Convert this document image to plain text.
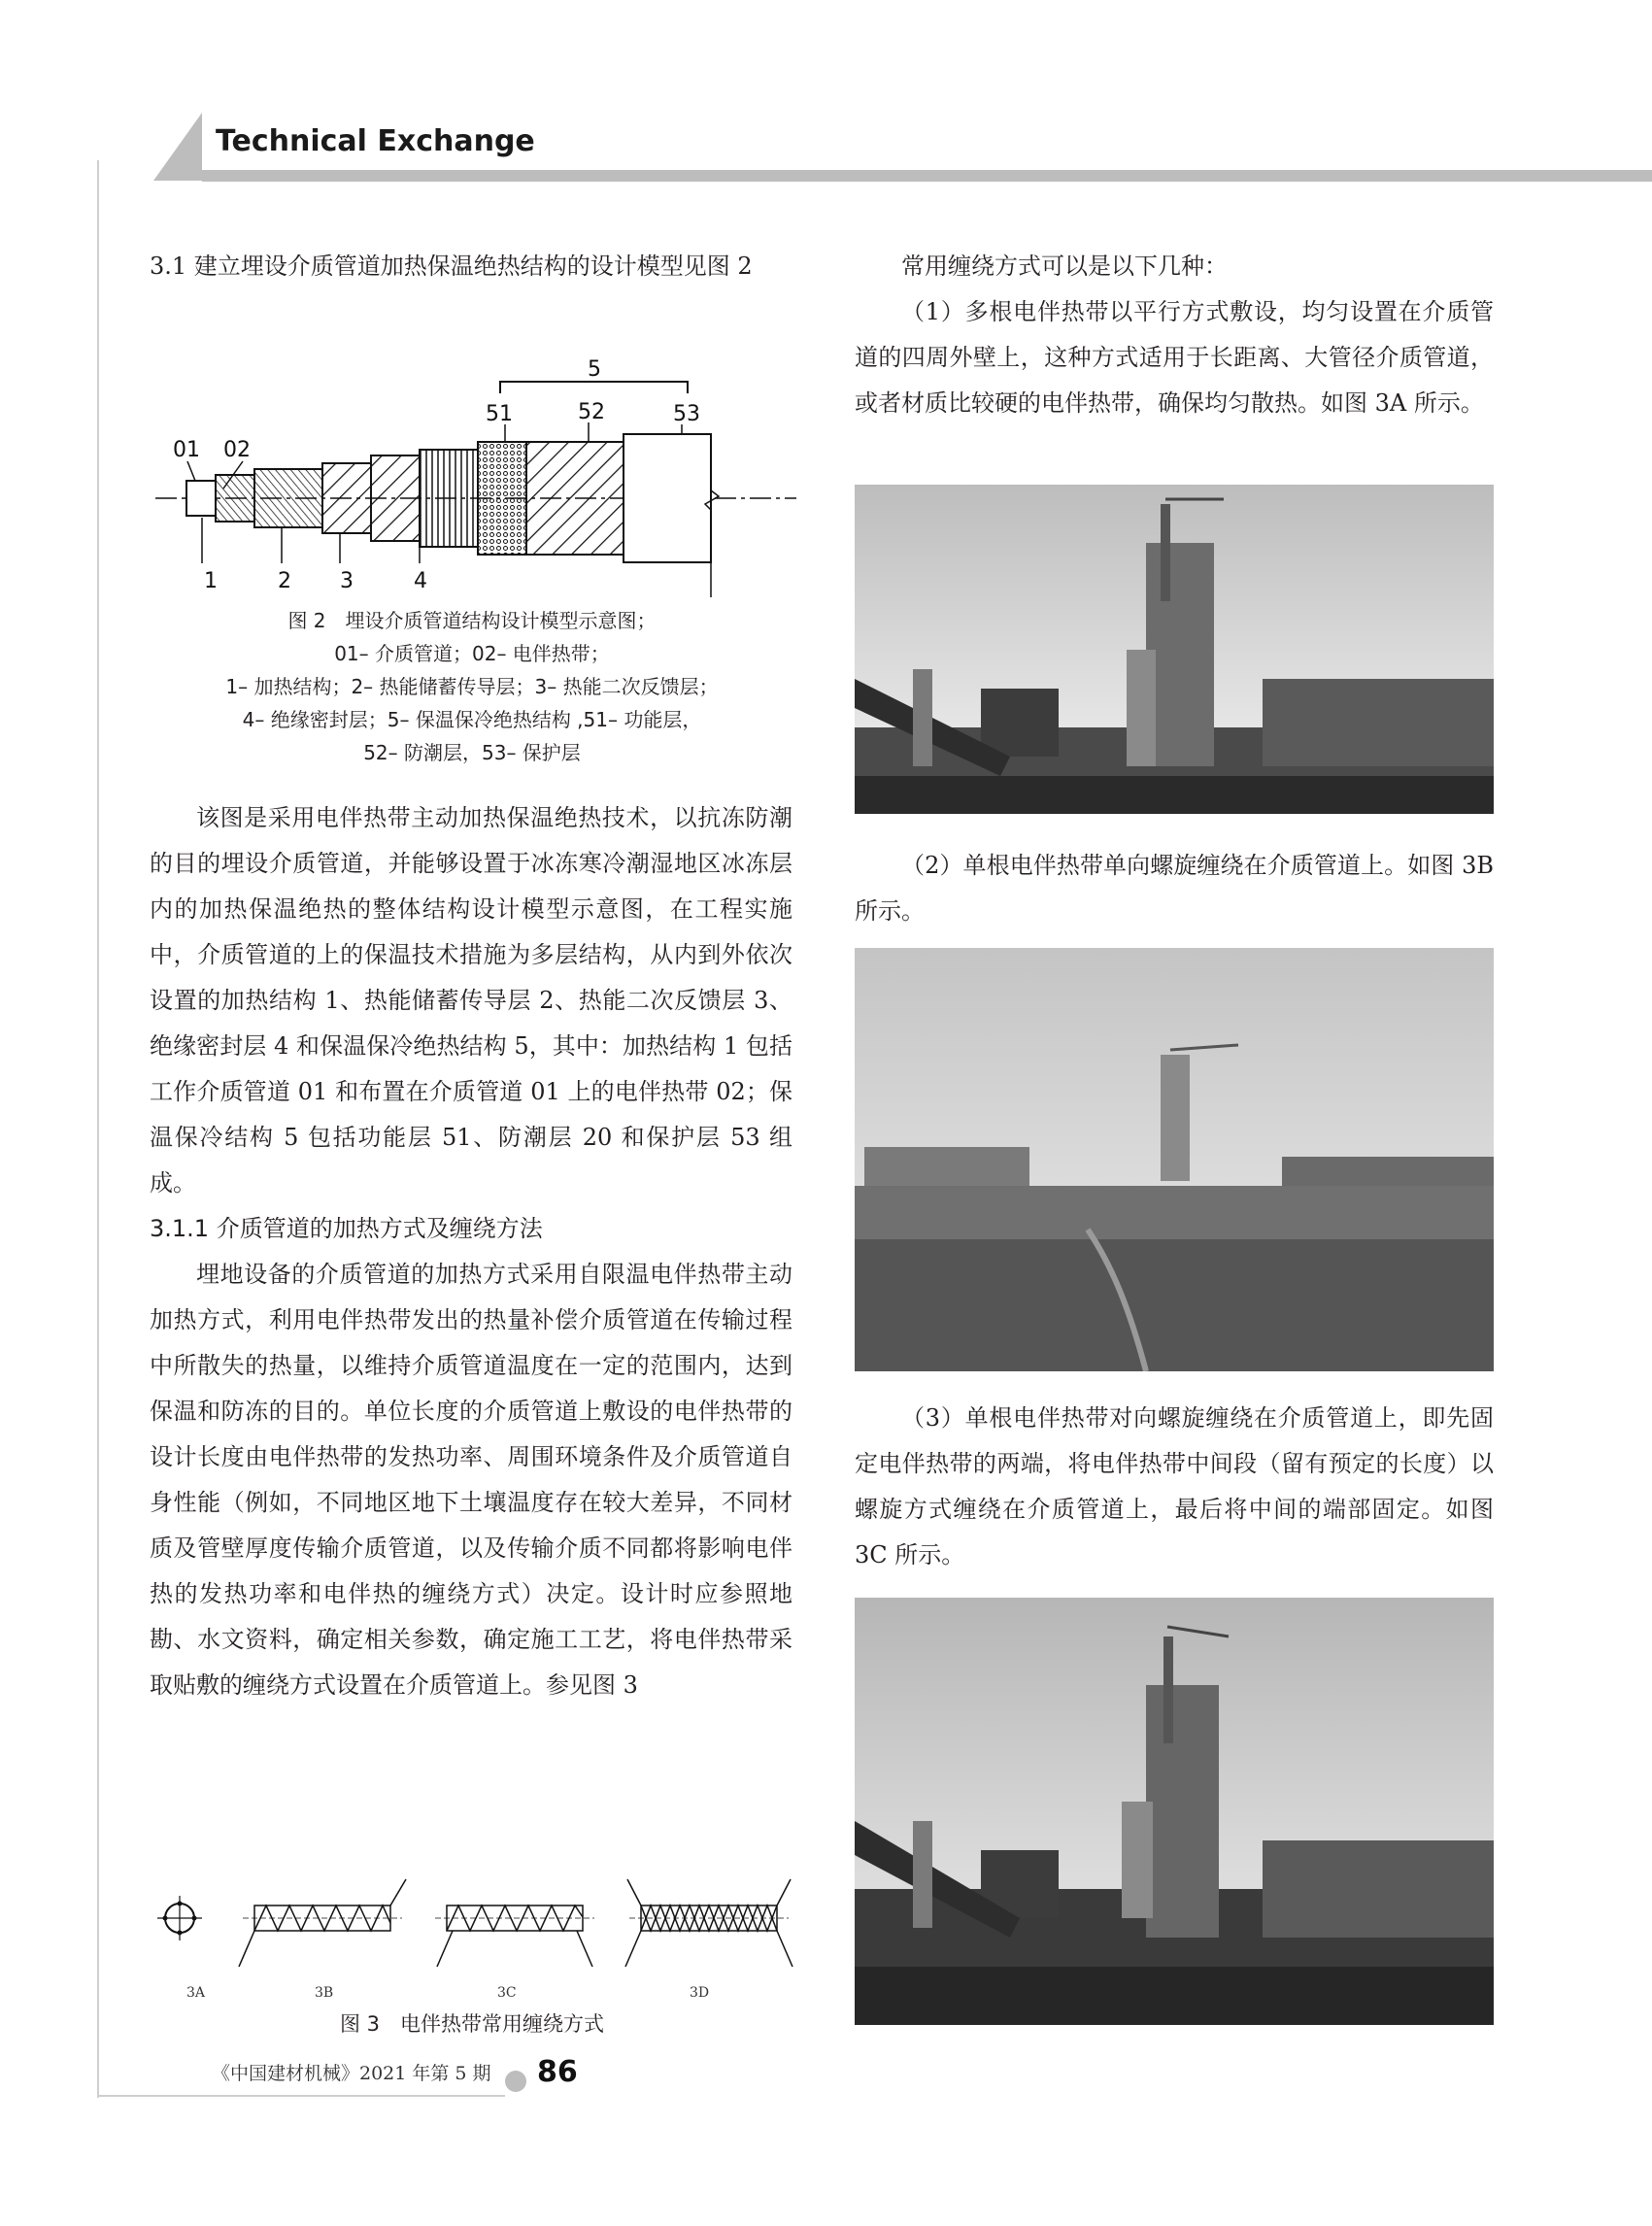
Technical Exchange

3.1 建立埋设介质管道加热保温绝热结构的设计模型见图 2

5
51	52	53
01 02
1	2 3	4
图 2　埋设介质管道结构设计模型示意图；
01– 介质管道；02– 电伴热带；
1– 加热结构；2– 热能储蓄传导层；3– 热能二次反馈层；
4– 绝缘密封层；5– 保温保冷绝热结构 ,51– 功能层，
52– 防潮层，53– 保护层

该图是采用电伴热带主动加热保温绝热技术，以抗冻防潮的目的埋设介质管道，并能够设置于冰冻寒冷潮湿地区冰冻层内的加热保温绝热的整体结构设计模型示意图，在工程实施中，介质管道的上的保温技术措施为多层结构，从内到外依次设置的加热结构 1、热能储蓄传导层 2、热能二次反馈层 3、绝缘密封层 4 和保温保冷绝热结构 5，其中：加热结构 1 包括工作介质管道 01 和布置在介质管道 01 上的电伴热带 02；保温保冷结构 5 包括功能层 51、防潮层 20 和保护层 53 组成。

3.1.1 介质管道的加热方式及缠绕方法

埋地设备的介质管道的加热方式采用自限温电伴热带主动加热方式，利用电伴热带发出的热量补偿介质管道在传输过程中所散失的热量，以维持介质管道温度在一定的范围内，达到保温和防冻的目的。单位长度的介质管道上敷设的电伴热带的设计长度由电伴热带的发热功率、周围环境条件及介质管道自身性能（例如，不同地区地下土壤温度存在较大差异，不同材质及管壁厚度传输介质管道，以及传输介质不同都将影响电伴热的发热功率和电伴热的缠绕方式）决定。设计时应参照地勘、水文资料，确定相关参数，确定施工工艺，将电伴热带采取贴敷的缠绕方式设置在介质管道上。参见图 3

3A	3B	3C	3D
图 3　电伴热带常用缠绕方式

常用缠绕方式可以是以下几种：

（1）多根电伴热带以平行方式敷设，均匀设置在介质管道的四周外壁上，这种方式适用于长距离、大管径介质管道，或者材质比较硬的电伴热带，确保均匀散热。如图 3A 所示。

（2）单根电伴热带单向螺旋缠绕在介质管道上。如图 3B 所示。

（3）单根电伴热带对向螺旋缠绕在介质管道上，即先固定电伴热带的两端，将电伴热带中间段（留有预定的长度）以螺旋方式缠绕在介质管道上，最后将中间的端部固定。如图 3C 所示。

《中国建材机械》2021 年第 5 期 86
